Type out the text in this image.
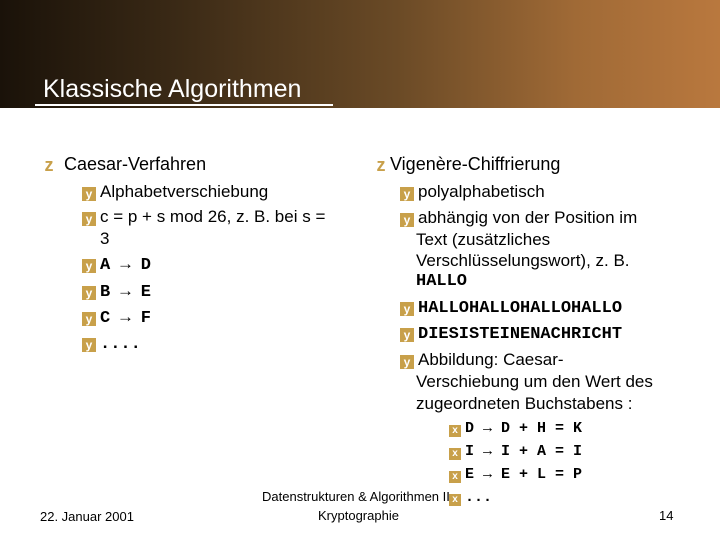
Klassische Algorithmen
z Caesar-Verfahren
y Alphabetverschiebung
y c = p + s mod 26, z. B. bei s =
3
y A → D
y B → E
y C → F
y ....
z Vigenère-Chiffrierung
y polyalphabetisch
y abhängig von der Position im
Text (zusätzliches
Verschlüsselungswort), z. B.
HALLO
y HALLOHALLOHALLOHALLO
y DIESISTEINENACHRICHT
y Abbildung: Caesar-
Verschiebung um den Wert des
zugeordneten Buchstabens :
x D → D + H = K
x I → I + A = I
x E → E + L = P
x ...
22. Januar 2001
Datenstrukturen & Algorithmen II
Kryptographie	14
